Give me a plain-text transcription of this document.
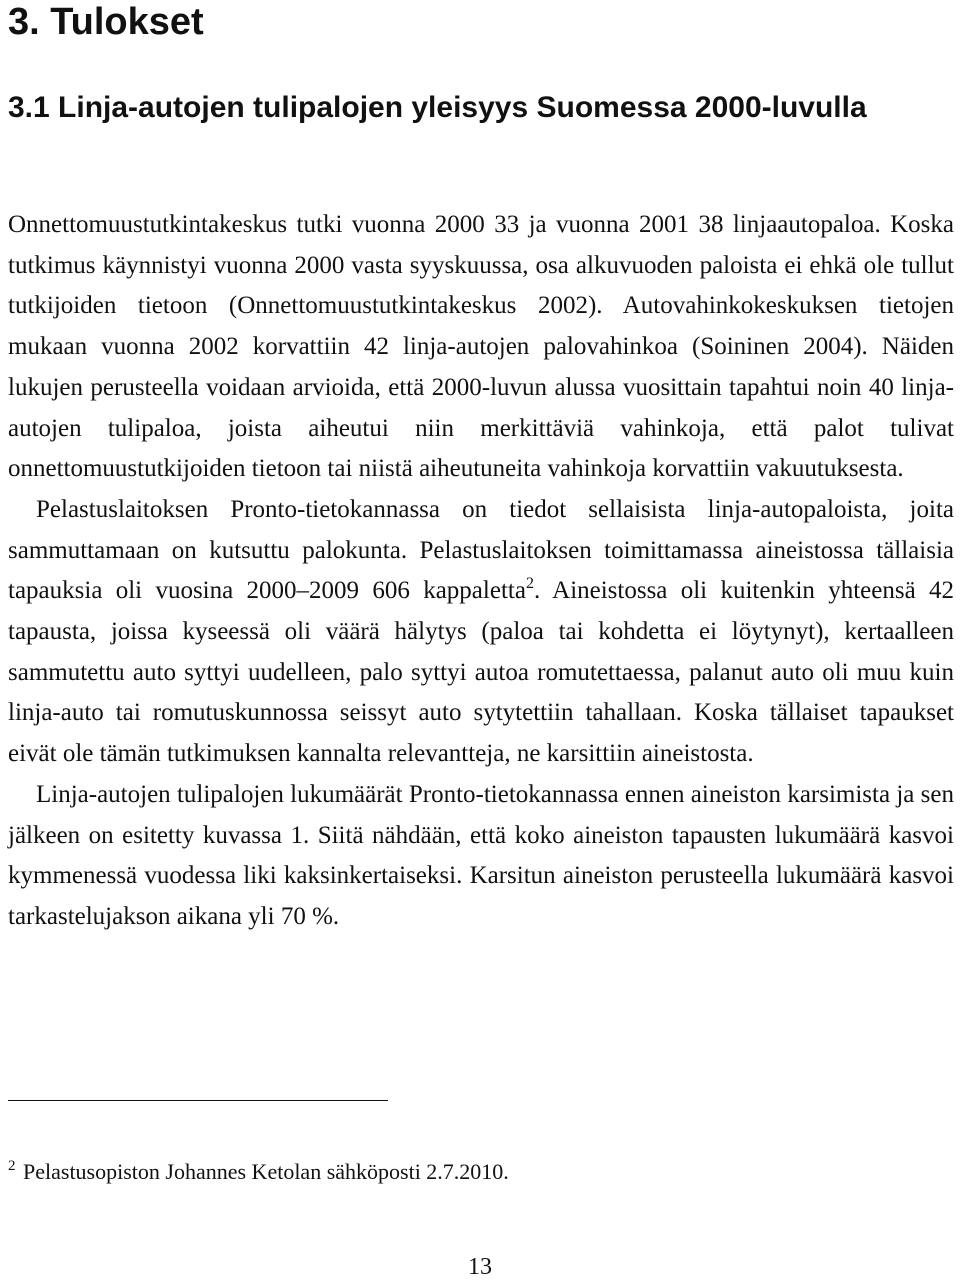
3. Tulokset
3.1 Linja-autojen tulipalojen yleisyys Suomessa 2000-luvulla

Onnettomuustutkintakeskus tutki vuonna 2000 33 ja vuonna 2001 38 linjaautopaloa. Koska tutkimus käynnistyi vuonna 2000 vasta syyskuussa, osa alkuvuoden paloista ei ehkä ole tullut tutkijoiden tietoon (Onnettomuustutkintakeskus 2002). Autovahinkokeskuksen tietojen mukaan vuonna 2002 korvattiin 42 linja-autojen palovahinkoa (Soininen 2004). Näiden lukujen perusteella voidaan arvioida, että 2000-luvun alussa vuosittain tapahtui noin 40 linja-autojen tulipaloa, joista aiheutui niin merkittäviä vahinkoja, että palot tulivat onnettomuustutkijoiden tietoon tai niistä aiheutuneita vahinkoja korvattiin vakuutuksesta.

Pelastuslaitoksen Pronto-tietokannassa on tiedot sellaisista linja-autopaloista, joita sammuttamaan on kutsuttu palokunta. Pelastuslaitoksen toimittamassa aineistossa tällaisia tapauksia oli vuosina 2000–2009 606 kappaletta$^2$. Aineistossa oli kuitenkin yhteensä 42 tapausta, joissa kyseessä oli väärä hälytys (paloa tai kohdetta ei löytynyt), kertaalleen sammutettu auto syttyi uudelleen, palo syttyi autoa romutettaessa, palanut auto oli muu kuin linja-auto tai romutuskunnossa seissyt auto sytytettiin tahallaan. Koska tällaiset tapaukset eivät ole tämän tutkimuksen kannalta relevantteja, ne karsittiin aineistosta.

Linja-autojen tulipalojen lukumäärät Pronto-tietokannassa ennen aineiston karsimista ja sen jälkeen on esitetty kuvassa 1. Siitä nähdään, että koko aineiston tapausten lukumäärä kasvoi kymmenessä vuodessa liki kaksinkertaiseksi. Karsitun aineiston perusteella lukumäärä kasvoi tarkastelujakson aikana yli 70 %.

$^2$ Pelastusopiston Johannes Ketolan sähköposti 2.7.2010.
13
